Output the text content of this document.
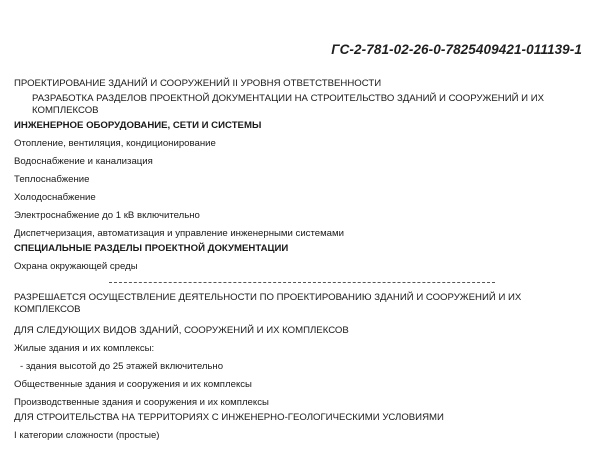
ГС-2-781-02-26-0-7825409421-011139-1

ПРОЕКТИРОВАНИЕ ЗДАНИЙ И СООРУЖЕНИЙ II УРОВНЯ ОТВЕТСТВЕННОСТИ

РАЗРАБОТКА РАЗДЕЛОВ ПРОЕКТНОЙ ДОКУМЕНТАЦИИ НА СТРОИТЕЛЬСТВО ЗДАНИЙ И СООРУЖЕНИЙ И ИХ КОМПЛЕКСОВ

ИНЖЕНЕРНОЕ ОБОРУДОВАНИЕ, СЕТИ И СИСТЕМЫ

Отопление, вентиляция, кондиционирование

Водоснабжение и канализация

Теплоснабжение

Холодоснабжение

Электроснабжение до 1 кВ включительно

Диспетчеризация, автоматизация и управление инженерными системами

СПЕЦИАЛЬНЫЕ РАЗДЕЛЫ ПРОЕКТНОЙ ДОКУМЕНТАЦИИ

Охрана окружающей среды

РАЗРЕШАЕТСЯ ОСУЩЕСТВЛЕНИЕ ДЕЯТЕЛЬНОСТИ ПО ПРОЕКТИРОВАНИЮ ЗДАНИЙ И СООРУЖЕНИЙ И ИХ КОМПЛЕКСОВ

ДЛЯ СЛЕДУЮЩИХ ВИДОВ ЗДАНИЙ, СООРУЖЕНИЙ И ИХ КОМПЛЕКСОВ

Жилые здания и их комплексы:

- здания высотой до 25 этажей включительно

Общественные здания и сооружения и их комплексы

Производственные здания и сооружения и их комплексы

ДЛЯ СТРОИТЕЛЬСТВА НА ТЕРРИТОРИЯХ С ИНЖЕНЕРНО-ГЕОЛОГИЧЕСКИМИ УСЛОВИЯМИ

I категории сложности (простые)
